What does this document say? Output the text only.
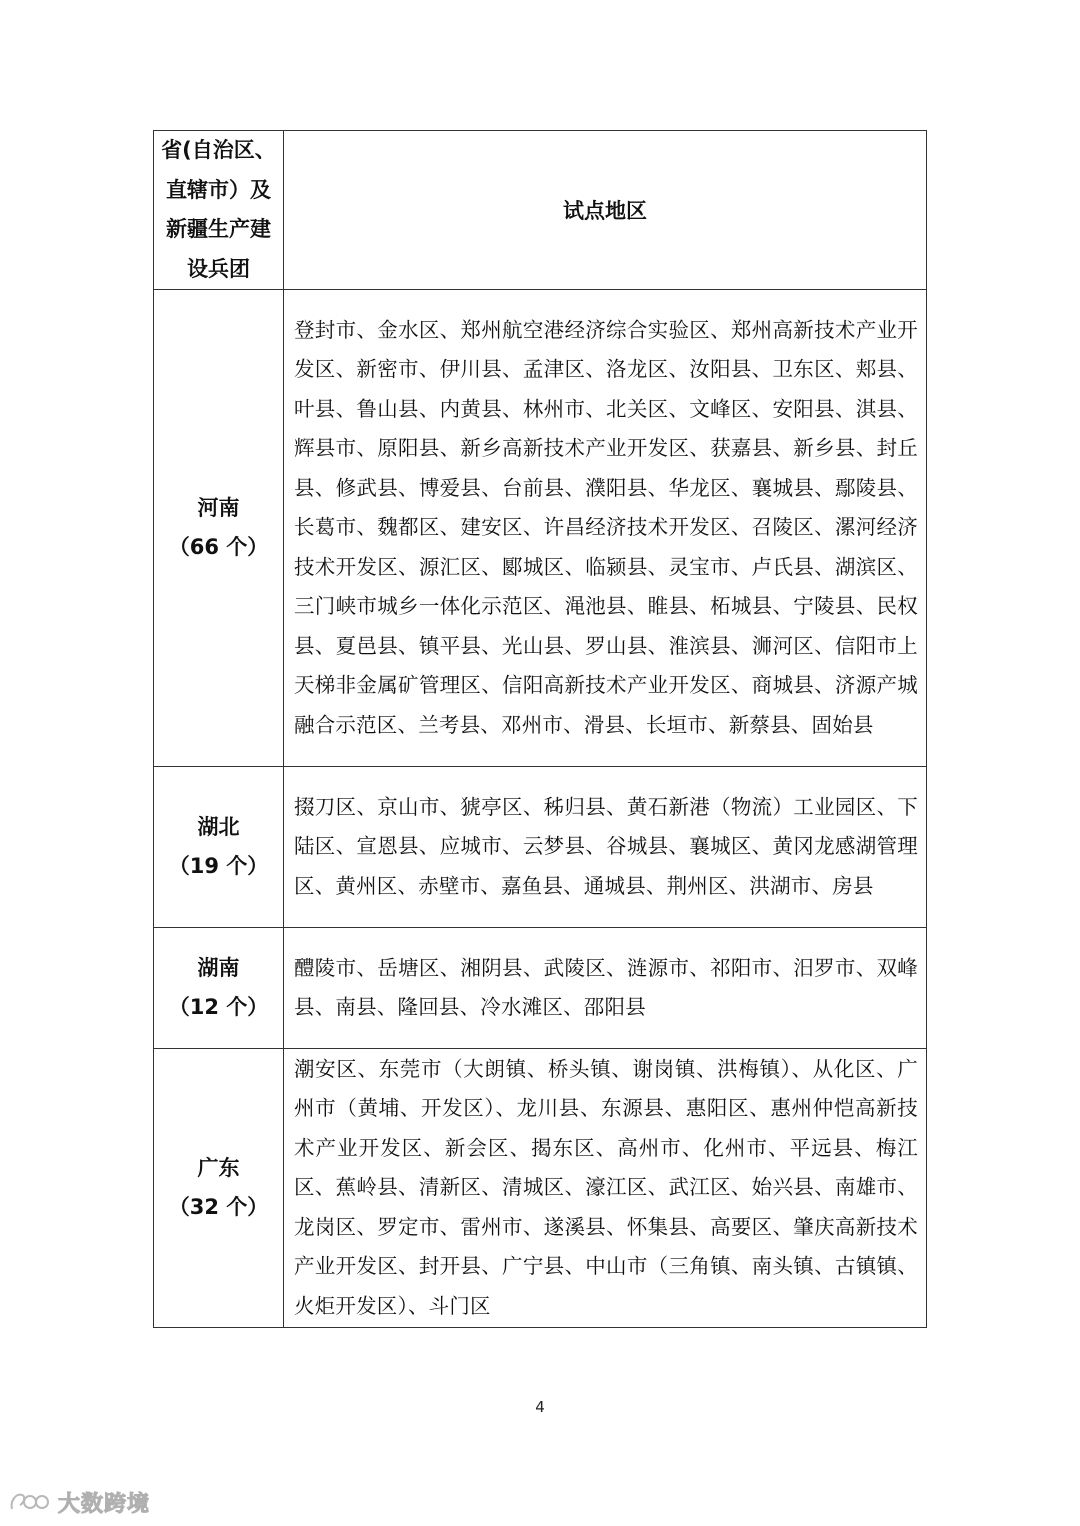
省(自治区、
直辖市）及
新疆生产建
设兵团	试点地区

河南
（66 个）	登封市、金水区、郑州航空港经济综合实验区、郑州高新技术产业开发区、新密市、伊川县、孟津区、洛龙区、汝阳县、卫东区、郏县、叶县、鲁山县、内黄县、林州市、北关区、文峰区、安阳县、淇县、辉县市、原阳县、新乡高新技术产业开发区、获嘉县、新乡县、封丘县、修武县、博爱县、台前县、濮阳县、华龙区、襄城县、鄢陵县、长葛市、魏都区、建安区、许昌经济技术开发区、召陵区、漯河经济技术开发区、源汇区、郾城区、临颍县、灵宝市、卢氏县、湖滨区、三门峡市城乡一体化示范区、渑池县、睢县、柘城县、宁陵县、民权县、夏邑县、镇平县、光山县、罗山县、淮滨县、浉河区、信阳市上天梯非金属矿管理区、信阳高新技术产业开发区、商城县、济源产城融合示范区、兰考县、邓州市、滑县、长垣市、新蔡县、固始县

湖北
（19 个）	掇刀区、京山市、猇亭区、秭归县、黄石新港（物流）工业园区、下陆区、宣恩县、应城市、云梦县、谷城县、襄城区、黄冈龙感湖管理区、黄州区、赤壁市、嘉鱼县、通城县、荆州区、洪湖市、房县

湖南
（12 个）	醴陵市、岳塘区、湘阴县、武陵区、涟源市、祁阳市、汨罗市、双峰县、南县、隆回县、冷水滩区、邵阳县

广东
（32 个）	潮安区、东莞市（大朗镇、桥头镇、谢岗镇、洪梅镇）、从化区、广州市（黄埔、开发区）、龙川县、东源县、惠阳区、惠州仲恺高新技术产业开发区、新会区、揭东区、高州市、化州市、平远县、梅江区、蕉岭县、清新区、清城区、濠江区、武江区、始兴县、南雄市、龙岗区、罗定市、雷州市、遂溪县、怀集县、高要区、肇庆高新技术产业开发区、封开县、广宁县、中山市（三角镇、南头镇、古镇镇、火炬开发区）、斗门区
4
大数跨境
